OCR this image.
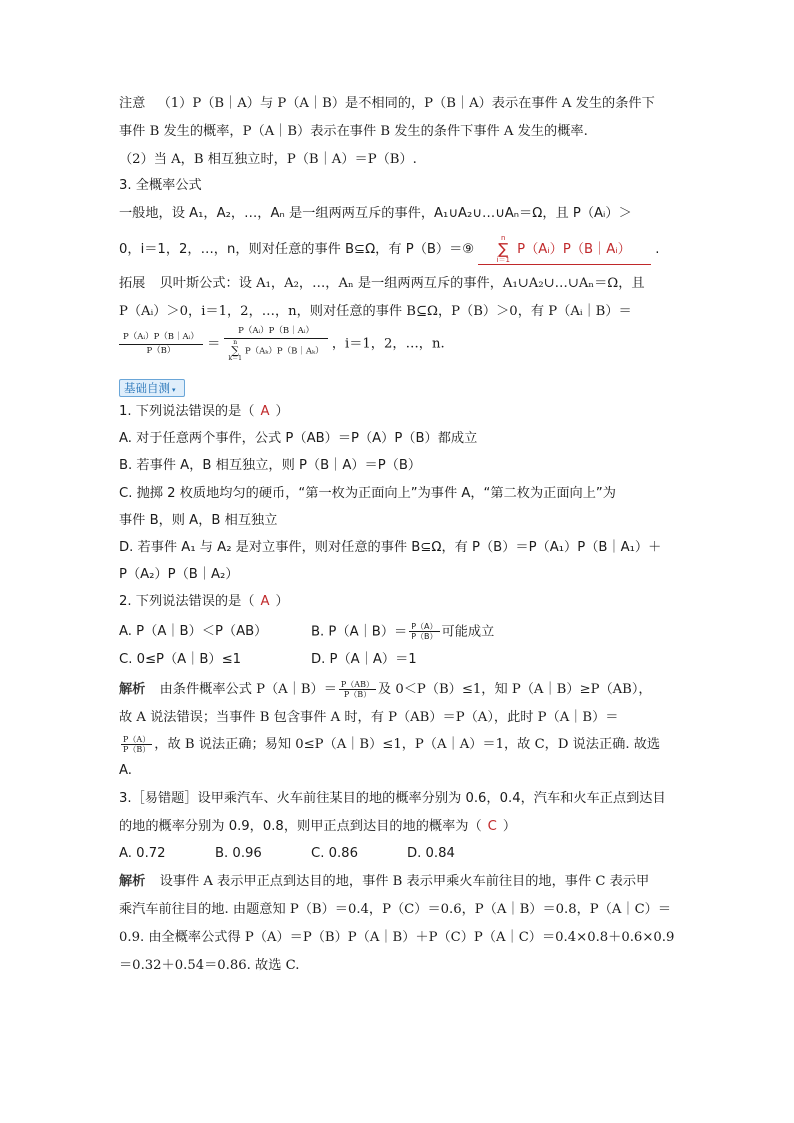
注意 （1）P（B｜A）与 P（A｜B）是不相同的，P（B｜A）表示在事件 A 发生的条件下
事件 B 发生的概率，P（A｜B）表示在事件 B 发生的条件下事件 A 发生的概率.
（2）当 A，B 相互独立时，P（B｜A）＝P（B）.
3. 全概率公式
一般地，设 A₁，A₂，…，Aₙ 是一组两两互斥的事件，A₁∪A₂∪…∪Aₙ＝Ω，且 P（Aᵢ）＞
0，i＝1，2，…，n，则对任意的事件 B⊆Ω，有 P（B）＝⑨  n
∑
i＝1 P（Aᵢ）P（B｜Aᵢ） .
拓展 贝叶斯公式：设 A₁，A₂，…，Aₙ 是一组两两互斥的事件，A₁∪A₂∪…∪Aₙ＝Ω，且
P（Aᵢ）＞0，i＝1，2，…，n，则对任意的事件 B⊆Ω，P（B）＞0，有 P（Aᵢ｜B）＝
$\frac{\text{P（Aᵢ）P（B｜Aᵢ）}}{P(B)}$ ＝ P（Aᵢ）P（B｜Aᵢ）
n
∑
k＝1P（Aₖ）P（B｜Aₖ） ，i＝1，2，…，n.
基础自测 ▾
1. 下列说法错误的是（ A ）
A. 对于任意两个事件，公式 P（AB）＝P（A）P（B）都成立
B. 若事件 A，B 相互独立，则 P（B｜A）＝P（B）
C. 抛掷 2 枚质地均匀的硬币，“第一枚为正面向上”为事件 A，“第二枚为正面向上”为
事件 B，则 A，B 相互独立
D. 若事件 A₁ 与 A₂ 是对立事件，则对任意的事件 B⊆Ω，有 P（B）＝P（A₁）P（B｜A₁）＋
P（A₂）P（B｜A₂）
2. 下列说法错误的是（ A ）
A. P（A｜B）＜P（AB）	B. P（A｜B）＝ $\frac{P(A)}{P(B)}$ 可能成立
C. 0≤P（A｜B）≤1	D. P（A｜A）＝1
解析 由条件概率公式 P（A｜B）＝ $\frac{P(AB)}{P(B)}$ 及 0＜P（B）≤1，知 P（A｜B）≥P（AB），
故 A 说法错误；当事件 B 包含事件 A 时，有 P（AB）＝P（A），此时 P（A｜B）＝
$\frac{P(A)}{P(B)}$ ，故 B 说法正确；易知 0≤P（A｜B）≤1，P（A｜A）＝1，故 C，D 说法正确. 故选
A.
3.［易错题］设甲乘汽车、火车前往某目的地的概率分别为 0.6，0.4，汽车和火车正点到达目
的地的概率分别为 0.9，0.8，则甲正点到达目的地的概率为（ C ）
A. 0.72	B. 0.96	C. 0.86	D. 0.84
解析 设事件 A 表示甲正点到达目的地，事件 B 表示甲乘火车前往目的地，事件 C 表示甲
乘汽车前往目的地. 由题意知 P（B）＝0.4，P（C）＝0.6，P（A｜B）＝0.8，P（A｜C）＝
0.9. 由全概率公式得 P（A）＝P（B）P（A｜B）＋P（C）P（A｜C）＝0.4×0.8＋0.6×0.9
＝0.32＋0.54＝0.86. 故选 C.
